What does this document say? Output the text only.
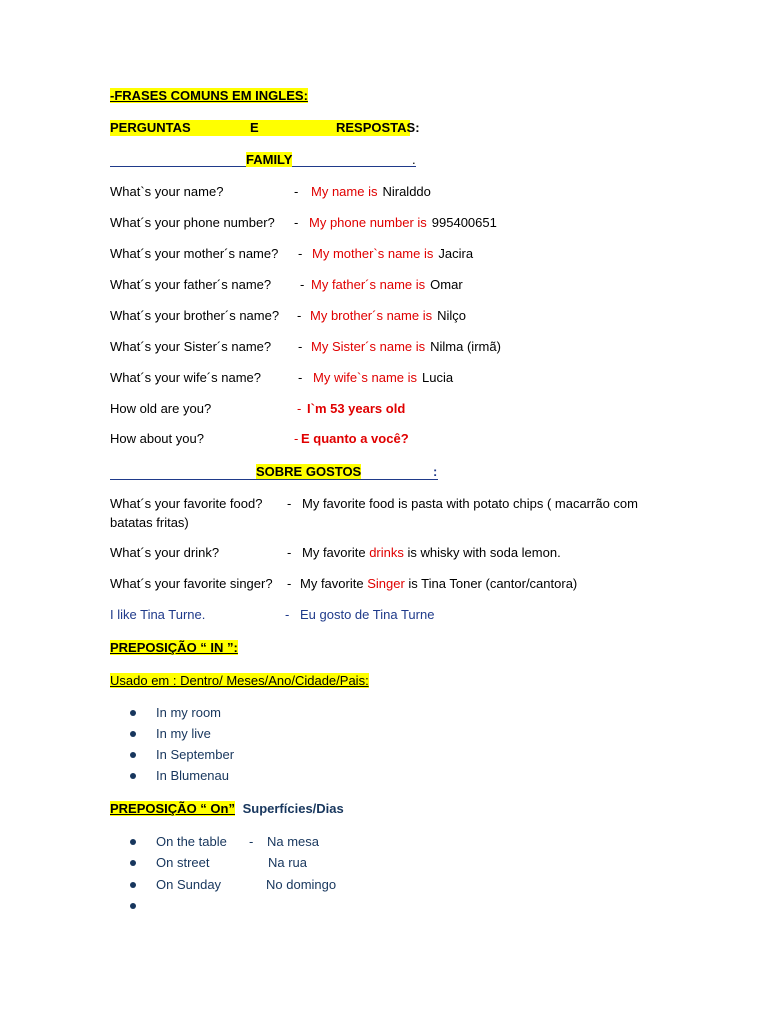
-FRASES COMUNS EM INGLES:
PERGUNTAS	E	RESPOSTAS:

FAMILY	.
What`s your name?	- My name is Niralddo
What´s your phone number? - My phone number is 995400651
What´s your mother´s name? - My mother`s name is Jacira
What´s your father´s name? - My father´s name is Omar
What´s your brother´s name? - My brother´s name is Nilço
What´s your Sister´s name? - My Sister´s name is Nilma (irmã)
What´s your wife´s name?	- My wife`s name is Lucia
How old are you?	- I`m 53 years old
How about you?	- E quanto a você?
SOBRE GOSTOS	:
What´s your favorite food? - My favorite food is pasta with potato chips ( macarrão com
batatas fritas)
What´s your drink?	- My favorite drinks is whisky with soda lemon.
What´s your favorite singer? - My favorite Singer is Tina Toner (cantor/cantora)
I like Tina Turne.	- Eu gosto de Tina Turne
PREPOSIÇÃO “ IN ”:
Usado em : Dentro/ Meses/Ano/Cidade/Pais:
In my room
In my live
In September
In Blumenau
PREPOSIÇÃO “ On” Superfícies/Dias
On the table - Na mesa
On street	Na rua
On Sunday	No domingo
